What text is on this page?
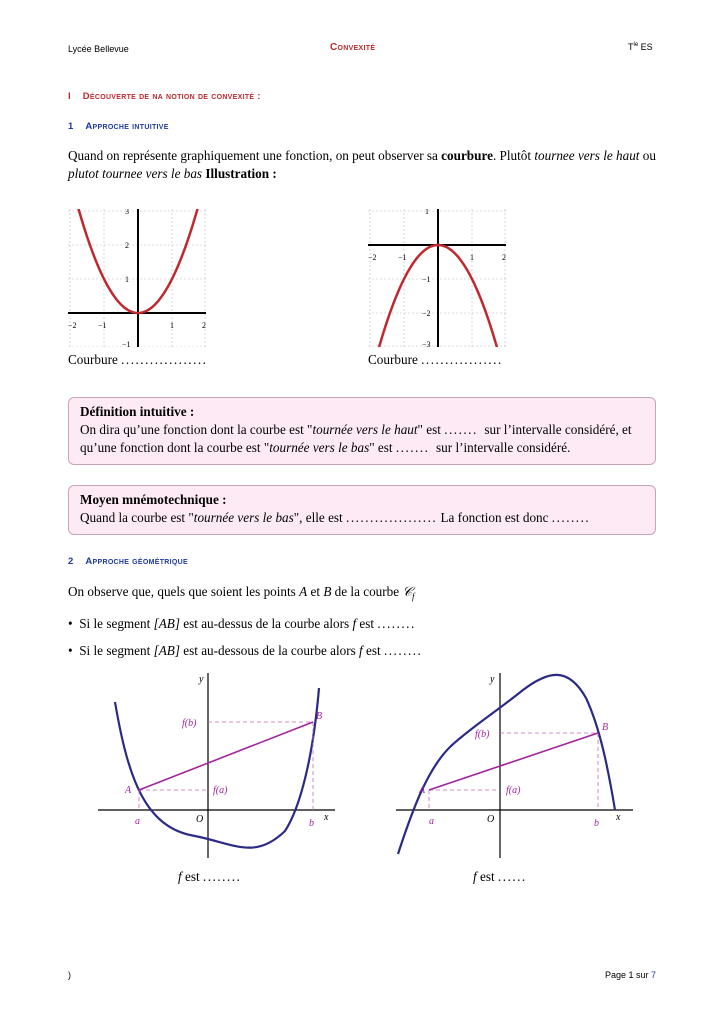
Lycée Bellevue	Convexité	$T^{le}$ ES
I Découverte de na notion de convexité :
1 Approche intuitive
Quand on représente graphiquement une fonction, on peut observer sa courbure. Plutôt tournee vers le haut ou
plutot tournee vers le bas Illustration :
−2	−1	1	2
3
2
1
−1
Courbure ..................
−2	−1	1	2
1
−1
−2
−3
Courbure .................
Définition intuitive :
On dira qu’une fonction dont la courbe est "tournée vers le haut" est ....... sur l’intervalle considéré, et
qu’une fonction dont la courbe est "tournée vers le bas" est ....... sur l’intervalle considéré.
Moyen mnémotechnique :
Quand la courbe est "tournée vers le bas", elle est ................... La fonction est donc ........
2 Approche géométrique
On observe que, quels que soient les points A et B de la courbe 𝒞$_f$
•  Si le segment [AB] est au-dessus de la courbe alors f est ........
•  Si le segment [AB] est au-dessous de la courbe alors f est ........
A
B
a	b
f(b)
f(a)
y
x
O
f est ........
A
B
a	b
f(b)
f(a)
y
x
O
f est ......
)	Page 1 sur 7
